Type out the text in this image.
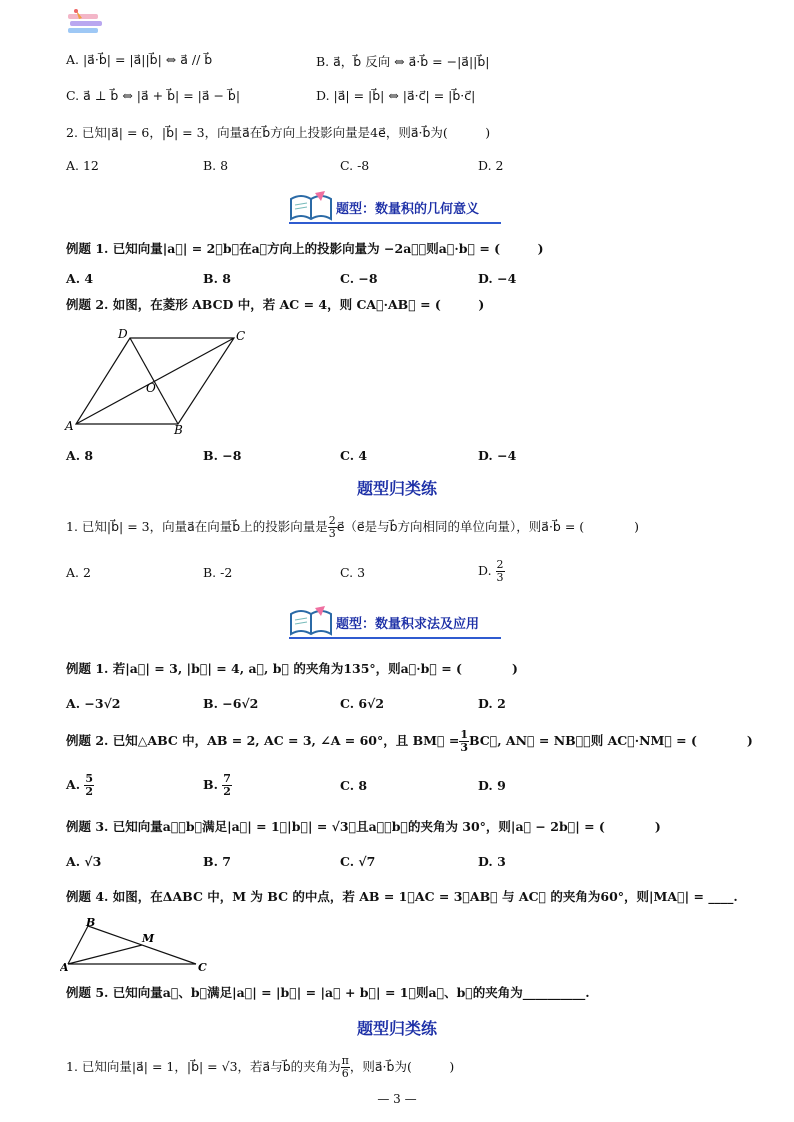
A. |a⃗·b⃗| = |a⃗||b⃗| ⇔ a⃗ // b⃗	B. a⃗，b⃗ 反向 ⇔ a⃗·b⃗ = −|a⃗||b⃗|
C. a⃗ ⊥ b⃗ ⇔ |a⃗ + b⃗| = |a⃗ − b⃗|	D. |a⃗| = |b⃗| ⇔ |a⃗·c⃗| = |b⃗·c⃗|
2. 已知|a⃗| = 6，|b⃗| = 3，向量a⃗在b⃗方向上投影向量是4e⃗，则a⃗·b⃗为(　　　)
A. 12	B. 8	C. -8	D. 2
题型：数量积的几何意义
例题 1. 已知向量|a⃗| = 2，b⃗在a⃗方向上的投影向量为 −2a⃗，则a⃗·b⃗ = (　　　)
A. 4	B. 8	C. −8	D. −4
例题 2. 如图，在菱形 ABCD 中，若 AC = 4，则 CA⃗·AB⃗ = (　　　)
D	C
O
A	B
A. 8	B. −8	C. 4	D. −4
题型归类练
1. 已知|b⃗| = 3，向量a⃗在向量b⃗上的投影向量是 $\frac{2}{3}$ e⃗（e⃗是与b⃗方向相同的单位向量），则a⃗·b⃗ = (　　　　)
A. 2	B. -2	C. 3	D. $\frac{2}{3}$
题型：数量积求法及应用
例题 1. 若|a⃗| = 3, |b⃗| = 4, a⃗, b⃗ 的夹角为135°，则a⃗·b⃗ = (　　　　)
A. −3√2	B. −6√2	C. 6√2	D. 2
例题 2. 已知△ABC 中，AB = 2, AC = 3, ∠A = 60°，且 BM⃗ = $\frac{1}{3}$ BC⃗, AN⃗ = NB⃗，则 AC⃗·NM⃗ = (　　　　)
A. $\frac{5}{2}$	B. $\frac{7}{2}$	C. 8	D. 9
例题 3. 已知向量a⃗，b⃗满足|a⃗| = 1，|b⃗| = √3，且a⃗，b⃗的夹角为 30°，则|a⃗ − 2b⃗| = (　　　　)
A. √3	B. 7	C. √7	D. 3
例题 4. 如图，在ΔABC 中，M 为 BC 的中点，若 AB = 1，AC = 3，AB⃗ 与 AC⃗ 的夹角为60°，则|MA⃗| = ____.
B
M
A	C
例题 5. 已知向量a⃗、b⃗满足|a⃗| = |b⃗| = |a⃗ + b⃗| = 1，则a⃗、b⃗的夹角为__________.
题型归类练
1. 已知向量|a⃗| = 1，|b⃗| = √3，若a⃗与b⃗的夹角为 $\frac{\pi}{6}$ ，则a⃗·b⃗为(　　　)
— 3 —
